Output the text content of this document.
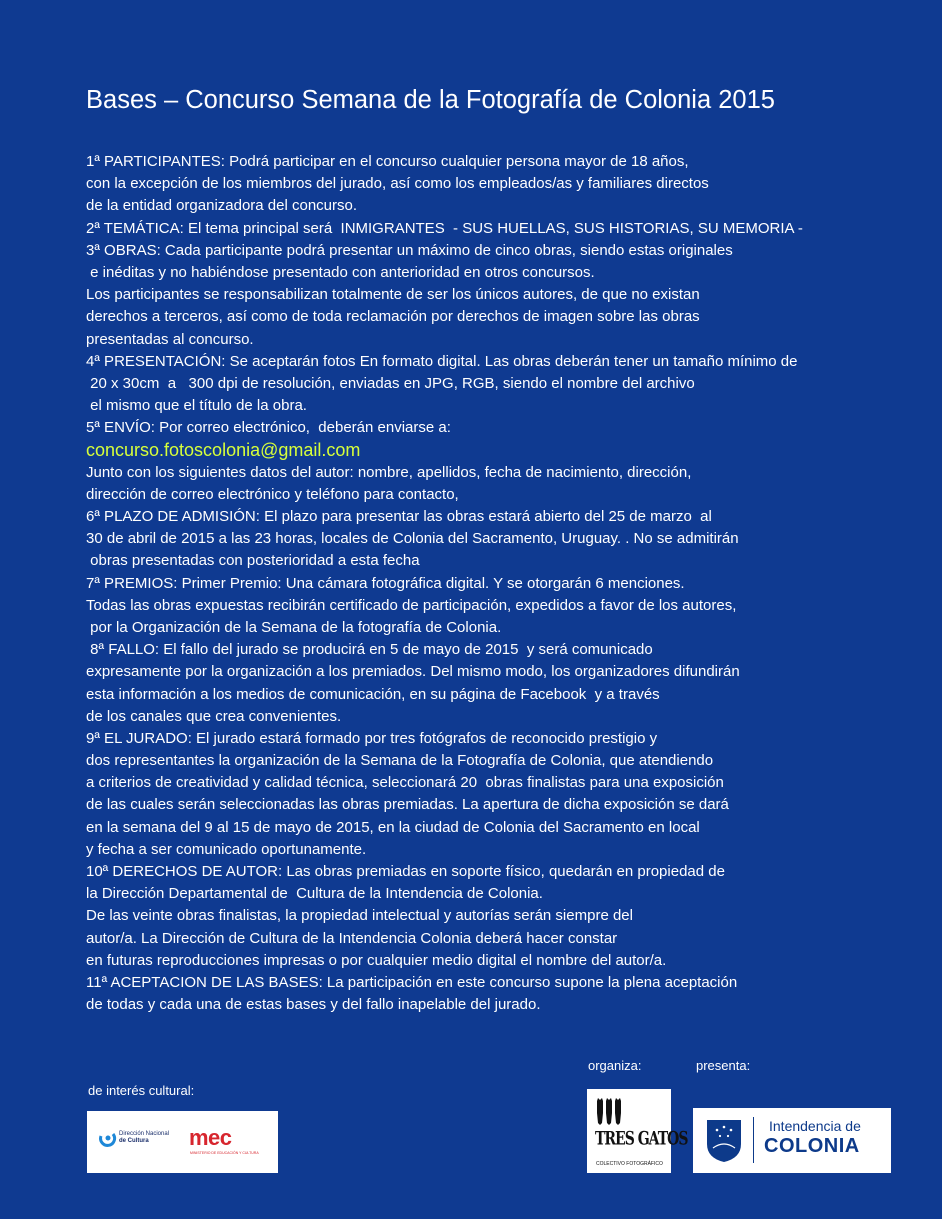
Bases – Concurso Semana de la Fotografía de Colonia 2015
1ª PARTICIPANTES: Podrá participar en el concurso cualquier persona mayor de 18 años,
con la excepción de los miembros del jurado, así como los empleados/as y familiares directos
de la entidad organizadora del concurso.
2ª TEMÁTICA: El tema principal será  INMIGRANTES  - SUS HUELLAS, SUS HISTORIAS, SU MEMORIA -
3ª OBRAS: Cada participante podrá presentar un máximo de cinco obras, siendo estas originales
e inéditas y no habiéndose presentado con anterioridad en otros concursos.
Los participantes se responsabilizan totalmente de ser los únicos autores, de que no existan
derechos a terceros, así como de toda reclamación por derechos de imagen sobre las obras
presentadas al concurso.
4ª PRESENTACIÓN: Se aceptarán fotos En formato digital. Las obras deberán tener un tamaño mínimo de
20 x 30cm  a   300 dpi de resolución, enviadas en JPG, RGB, siendo el nombre del archivo
el mismo que el título de la obra.
5ª ENVÍO: Por correo electrónico,  deberán enviarse a:
concurso.fotoscolonia@gmail.com
Junto con los siguientes datos del autor: nombre, apellidos, fecha de nacimiento, dirección,
dirección de correo electrónico y teléfono para contacto,
6ª PLAZO DE ADMISIÓN: El plazo para presentar las obras estará abierto del 25 de marzo  al
30 de abril de 2015 a las 23 horas, locales de Colonia del Sacramento, Uruguay. . No se admitirán
obras presentadas con posterioridad a esta fecha
7ª PREMIOS: Primer Premio: Una cámara fotográfica digital. Y se otorgarán 6 menciones.
Todas las obras expuestas recibirán certificado de participación, expedidos a favor de los autores,
por la Organización de la Semana de la fotografía de Colonia.
8ª FALLO: El fallo del jurado se producirá en 5 de mayo de 2015  y será comunicado
expresamente por la organización a los premiados. Del mismo modo, los organizadores difundirán
esta información a los medios de comunicación, en su página de Facebook  y a través
de los canales que crea convenientes.
9ª EL JURADO: El jurado estará formado por tres fotógrafos de reconocido prestigio y
dos representantes la organización de la Semana de la Fotografía de Colonia, que atendiendo
a criterios de creatividad y calidad técnica, seleccionará 20  obras finalistas para una exposición
de las cuales serán seleccionadas las obras premiadas. La apertura de dicha exposición se dará
en la semana del 9 al 15 de mayo de 2015, en la ciudad de Colonia del Sacramento en local
y fecha a ser comunicado oportunamente.
10ª DERECHOS DE AUTOR: Las obras premiadas en soporte físico, quedarán en propiedad de
la Dirección Departamental de  Cultura de la Intendencia de Colonia.
De las veinte obras finalistas, la propiedad intelectual y autorías serán siempre del
autor/a. La Dirección de Cultura de la Intendencia Colonia deberá hacer constar
en futuras reproducciones impresas o por cualquier medio digital el nombre del autor/a.
11ª ACEPTACION DE LAS BASES: La participación en este concurso supone la plena aceptación
de todas y cada una de estas bases y del fallo inapelable del jurado.
de interés cultural:
organiza:	presenta:
Dirección Nacional
de Cultura	mec
MINISTERIO DE EDUCACIÓN Y CULTURA
TRES GATOS
COLECTIVO FOTOGRÁFICO
Intendencia de
COLONIA
